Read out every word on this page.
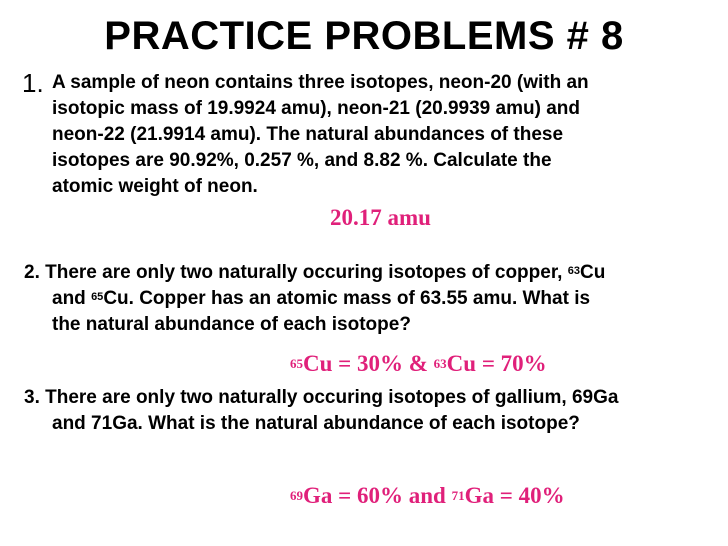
PRACTICE PROBLEMS # 8
1. A sample of neon contains three isotopes, neon-20 (with an
isotopic mass of 19.9924 amu), neon-21 (20.9939 amu) and
neon-22 (21.9914 amu). The natural abundances of these
isotopes are 90.92%, 0.257 %, and 8.82 %. Calculate the
atomic weight of neon.
20.17 amu
2. There are only two naturally occuring isotopes of copper, $^{63}$Cu
and $^{65}$Cu. Copper has an atomic mass of 63.55 amu. What is
the natural abundance of each isotope?
$^{65}$Cu = 30% & $^{63}$Cu = 70%
3. There are only two naturally occuring isotopes of gallium, 69Ga
and 71Ga. What is the natural abundance of each isotope?
$^{69}$Ga = 60% and $^{71}$Ga = 40%
